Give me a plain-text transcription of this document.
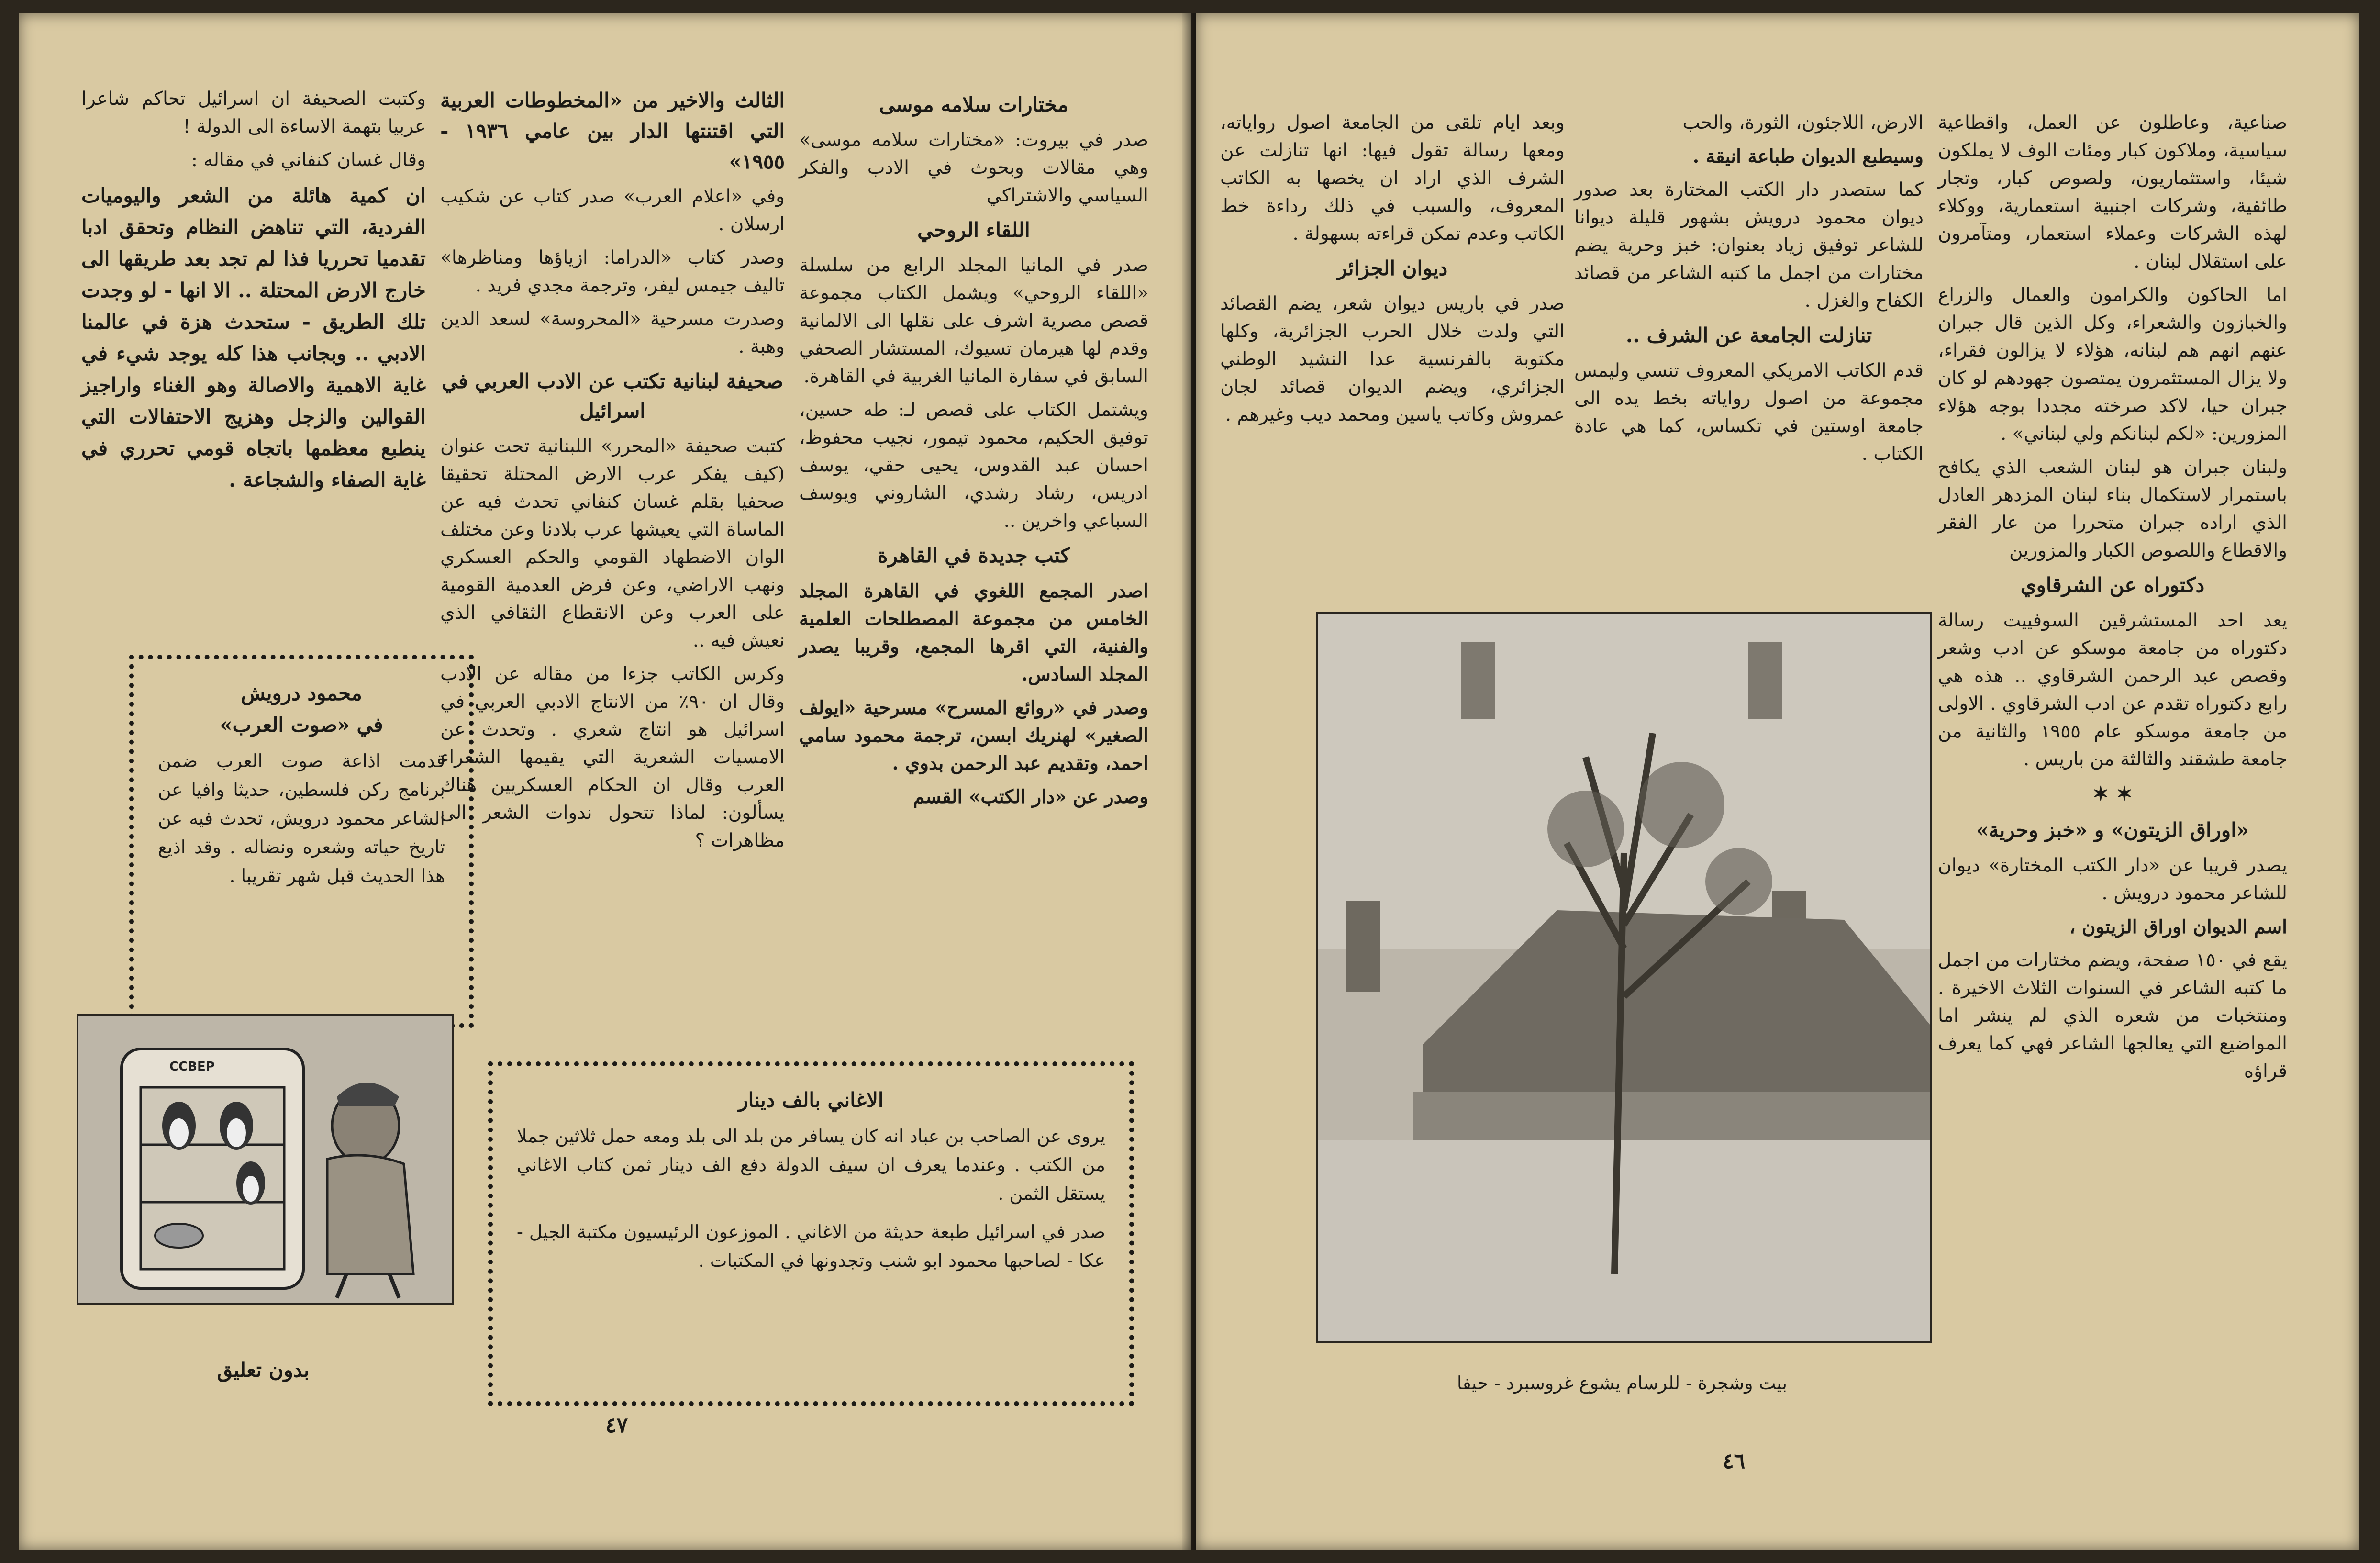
مختارات سلامه موسى

صدر في بيروت: «مختارات سلامه موسى» وهي مقالات وبحوث في الادب والفكر السياسي والاشتراكي

اللقاء الروحي

صدر في المانيا المجلد الرابع من سلسلة «اللقاء الروحي» ويشمل الكتاب مجموعة قصص مصرية اشرف على نقلها الى الالمانية وقدم لها هيرمان تسيوك، المستشار الصحفي السابق في سفارة المانيا الغربية في القاهرة.

ويشتمل الكتاب على قصص لـ: طه حسين، توفيق الحكيم، محمود تيمور، نجيب محفوظ، احسان عبد القدوس، يحيى حقي، يوسف ادريس، رشاد رشدي، الشاروني ويوسف السباعي واخرين ..

كتب جديدة في القاهرة

اصدر المجمع اللغوي في القاهرة المجلد الخامس من مجموعة المصطلحات العلمية والفنية، التي اقرها المجمع، وقريبا يصدر المجلد السادس.

وصدر في «روائع المسرح» مسرحية «ايولف الصغير» لهنريك ابسن، ترجمة محمود سامي احمد، وتقديم عبد الرحمن بدوي .

وصدر عن «دار الكتب» القسم

الثالث والاخير من «المخطوطات العربية التي اقتنتها الدار بين عامي ١٩٣٦ - ١٩٥٥»

وفي «اعلام العرب» صدر كتاب عن شكيب ارسلان .

وصدر كتاب «الدراما: ازياؤها ومناظرها» تاليف جيمس ليفر، وترجمة مجدي فريد .

وصدرت مسرحية «المحروسة» لسعد الدين وهبة .

صحيفة لبنانية تكتب عن الادب العربي في اسرائيل

كتبت صحيفة «المحرر» اللبنانية تحت عنوان (كيف يفكر عرب الارض المحتلة تحقيقا صحفيا بقلم غسان كنفاني تحدث فيه عن الماساة التي يعيشها عرب بلادنا وعن مختلف الوان الاضطهاد القومي والحكم العسكري ونهب الاراضي، وعن فرض العدمية القومية على العرب وعن الانقطاع الثقافي الذي نعيش فيه ..

وكرس الكاتب جزءا من مقاله عن الادب وقال ان ٩٠٪ من الانتاج الادبي العربي في اسرائيل هو انتاج شعري . وتحدث عن الامسيات الشعرية التي يقيمها الشعراء العرب وقال ان الحكام العسكريين هناك يسألون: لماذا تتحول ندوات الشعر الى مظاهرات ؟

وكتبت الصحيفة ان اسرائيل تحاكم شاعرا عربيا بتهمة الاساءة الى الدولة !

وقال غسان كنفاني في مقاله :

ان كمية هائلة من الشعر واليوميات الفردية، التي تناهض النظام وتحقق ادبا تقدميا تحرريا فذا لم تجد بعد طريقها الى خارج الارض المحتلة .. الا انها - لو وجدت تلك الطريق - ستحدث هزة في عالمنا الادبي .. وبجانب هذا كله يوجد شيء في غاية الاهمية والاصالة وهو الغناء واراجيز القوالين والزجل وهزيج الاحتفالات التي ينطبع معظمها باتجاه قومي تحرري في غاية الصفاء والشجاعة .

محمود درويش
في «صوت العرب»
قدمت اذاعة صوت العرب ضمن برنامج ركن فلسطين، حديثا وافيا عن الشاعر محمود درويش، تحدث فيه عن تاريخ حياته وشعره ونضاله . وقد اذيع هذا الحديث قبل شهر تقريبا .
CCBEP
بدون تعليق
الاغاني بالف دينار

يروى عن الصاحب بن عباد انه كان يسافر من بلد الى بلد ومعه حمل ثلاثين جملا من الكتب . وعندما يعرف ان سيف الدولة دفع الف دينار ثمن كتاب الاغاني يستقل الثمن .

صدر في اسرائيل طبعة حديثة من الاغاني . الموزعون الرئيسيون مكتبة الجيل - عكا - لصاحبها محمود ابو شنب وتجدونها في المكتبات .

٤٧

صناعية، وعاطلون عن العمل، واقطاعية سياسية، وملاكون كبار ومئات الوف لا يملكون شيئا، واستثماريون، ولصوص كبار، وتجار طائفية، وشركات اجنبية استعمارية، ووكلاء لهذه الشركات وعملاء استعمار، ومتآمرون على استقلال لبنان .

اما الحاكون والكرامون والعمال والزراع والخبازون والشعراء، وكل الذين قال جبران عنهم انهم هم لبنانه، هؤلاء لا يزالون فقراء، ولا يزال المستثمرون يمتصون جهودهم لو كان جبران حيا، لاكد صرخته مجددا بوجه هؤلاء المزورين: «لكم لبنانكم ولي لبناني» .

ولبنان جبران هو لبنان الشعب الذي يكافح باستمرار لاستكمال بناء لبنان المزدهر العادل الذي اراده جبران متحررا من عار الفقر والاقطاع واللصوص الكبار والمزورين

دكتوراه عن الشرقاوي

يعد احد المستشرقين السوفييت رسالة دكتوراه من جامعة موسكو عن ادب وشعر وقصص عبد الرحمن الشرقاوي .. هذه هي رابع دكتوراه تقدم عن ادب الشرقاوي . الاولى من جامعة موسكو عام ١٩٥٥ والثانية من جامعة طشقند والثالثة من باريس .

✶ ✶
«اوراق الزيتون» و «خبز وحرية»

يصدر قريبا عن «دار الكتب المختارة» ديوان للشاعر محمود درويش .

اسم الديوان اوراق الزيتون ،

يقع في ١٥٠ صفحة، ويضم مختارات من اجمل ما كتبه الشاعر في السنوات الثلاث الاخيرة . ومنتخبات من شعره الذي لم ينشر اما المواضيع التي يعالجها الشاعر فهي كما يعرف قراؤه

الارض، اللاجئون، الثورة، والحب

وسيطبع الديوان طباعة انيقة .

كما ستصدر دار الكتب المختارة بعد صدور ديوان محمود درويش بشهور قليلة ديوانا للشاعر توفيق زياد بعنوان: خبز وحرية يضم مختارات من اجمل ما كتبه الشاعر من قصائد الكفاح والغزل .

تنازلت الجامعة عن الشرف ..

قدم الكاتب الامريكي المعروف تنسي وليمس مجموعة من اصول رواياته بخط يده الى جامعة اوستين في تكساس، كما هي عادة الكتاب .

وبعد ايام تلقى من الجامعة اصول رواياته، ومعها رسالة تقول فيها: انها تنازلت عن الشرف الذي اراد ان يخصها به الكاتب المعروف، والسبب في ذلك رداءة خط الكاتب وعدم تمكن قراءته بسهولة .

ديوان الجزائر

صدر في باريس ديوان شعر، يضم القصائد التي ولدت خلال الحرب الجزائرية، وكلها مكتوبة بالفرنسية عدا النشيد الوطني الجزائري، ويضم الديوان قصائد لجان عمروش وكاتب ياسين ومحمد ديب وغيرهم .

بيت وشجرة - للرسام يشوع غروسبرد - حيفا
٤٦
